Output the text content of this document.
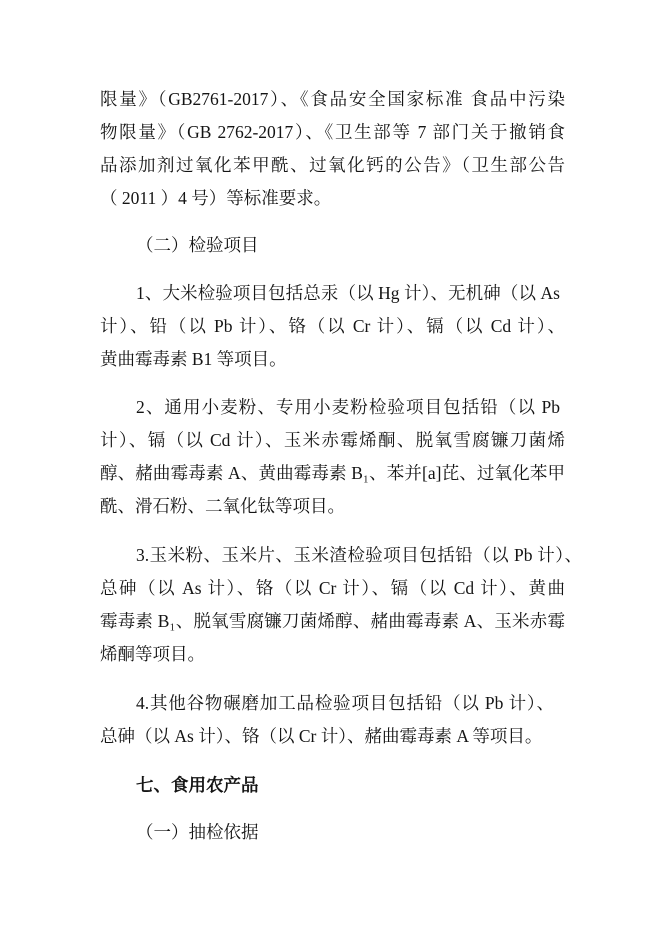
限量》（GB2761-2017）、《食品安全国家标准 食品中污染
物限量》（GB 2762-2017）、《卫生部等 7 部门关于撤销食
品添加剂过氧化苯甲酰、过氧化钙的公告》（卫生部公告
（ 2011 ）4 号）等标准要求。
（二）检验项目
1、大米检验项目包括总汞（以 Hg 计）、无机砷（以 As
计）、铅（以 Pb 计）、铬（以 Cr 计）、镉（以 Cd 计）、
黄曲霉毒素 B1 等项目。
2、通用小麦粉、专用小麦粉检验项目包括铅（以 Pb
计）、镉（以 Cd 计）、玉米赤霉烯酮、脱氧雪腐镰刀菌烯
醇、赭曲霉毒素 A、黄曲霉毒素 B₁、苯并[a]芘、过氧化苯甲
酰、滑石粉、二氧化钛等项目。
3.玉米粉、玉米片、玉米渣检验项目包括铅（以 Pb 计）、
总砷（以 As 计）、铬（以 Cr 计）、镉（以 Cd 计）、黄曲
霉毒素 B₁、脱氧雪腐镰刀菌烯醇、赭曲霉毒素 A、玉米赤霉
烯酮等项目。
4.其他谷物碾磨加工品检验项目包括铅（以 Pb 计）、
总砷（以 As 计）、铬（以 Cr 计）、赭曲霉毒素 A 等项目。
七、食用农产品
（一）抽检依据
